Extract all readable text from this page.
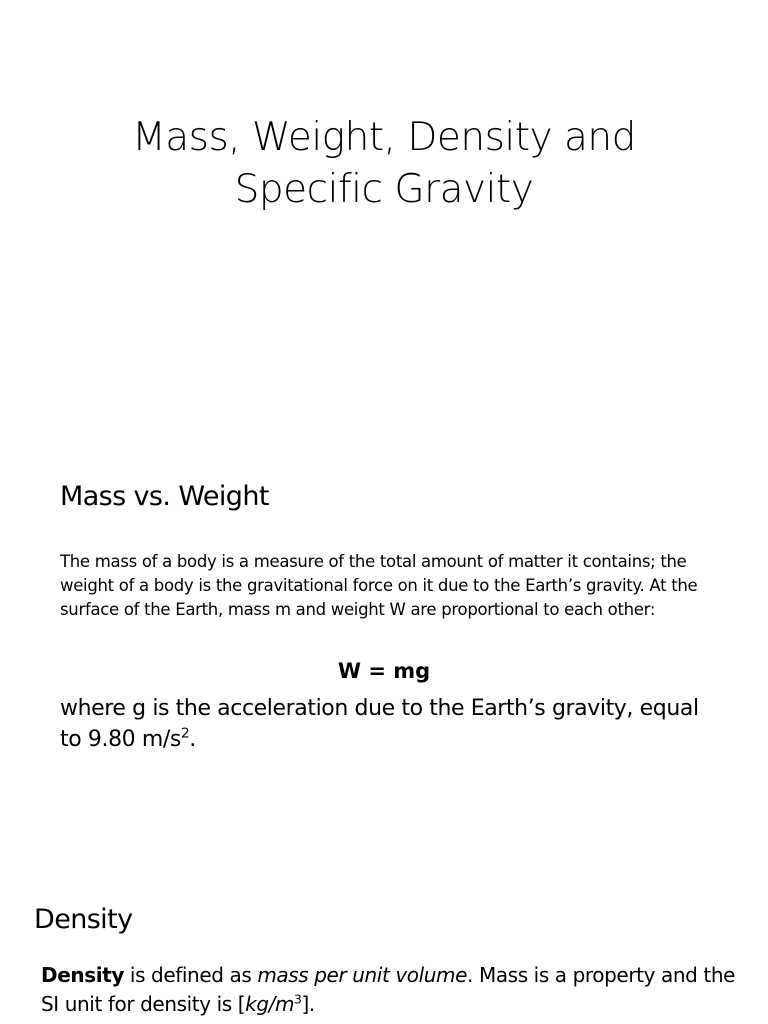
Mass, Weight, Density and
Specific Gravity
Mass vs. Weight

The mass of a body is a measure of the total amount of matter it contains; the weight of a body is the gravitational force on it due to the Earth’s gravity. At the surface of the Earth, mass m and weight W are proportional to each other:

W = mg

where g is the acceleration due to the Earth’s gravity, equal to 9.80 $m/s^2$.

Density

Density is defined as mass per unit volume. Mass is a property and the SI unit for density is $[kg/m^3]$.
